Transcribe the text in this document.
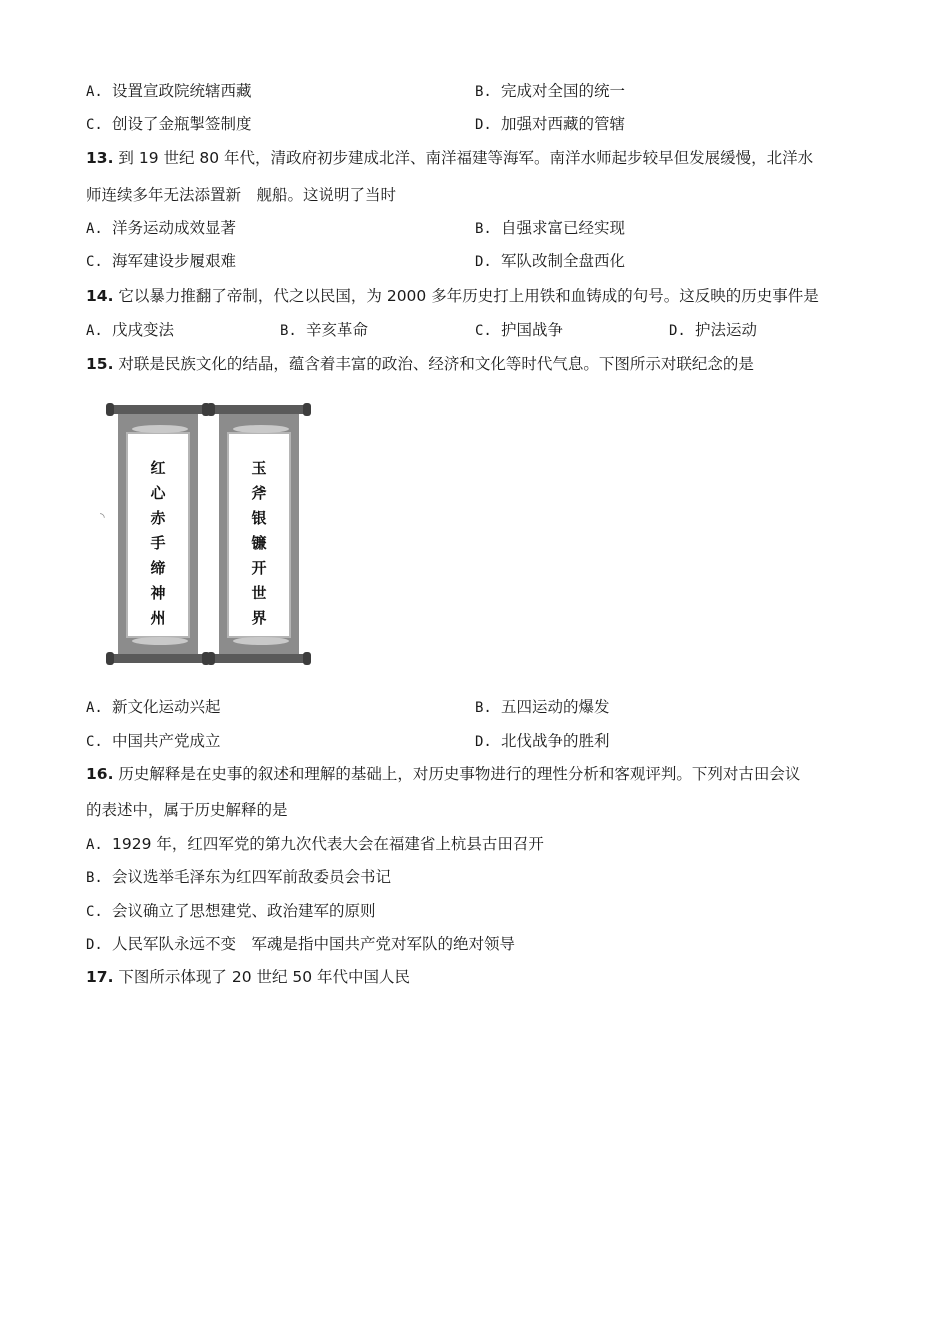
A. 设置宣政院统辖西藏	B. 完成对全国的统一
C. 创设了金瓶掣签制度	D. 加强对西藏的管辖
13. 到 19 世纪 80 年代，清政府初步建成北洋、南洋福建等海军。南洋水师起步较早但发展缓慢，北洋水
师连续多年无法添置新　舰船。这说明了当时
A. 洋务运动成效显著	B. 自强求富已经实现
C. 海军建设步履艰难	D. 军队改制全盘西化
14. 它以暴力推翻了帝制，代之以民国，为 2000 多年历史打上用铁和血铸成的句号。这反映的历史事件是
A. 戊戌变法	B. 辛亥革命	C. 护国战争	D. 护法运动
15. 对联是民族文化的结晶，蕴含着丰富的政治、经济和文化等时代气息。下图所示对联纪念的是
◝
红
心
赤
手
缔
神
州
玉
斧
银
镰
开
世
界
A. 新文化运动兴起	B. 五四运动的爆发
C. 中国共产党成立	D. 北伐战争的胜利
16. 历史解释是在史事的叙述和理解的基础上，对历史事物进行的理性分析和客观评判。下列对古田会议
的表述中，属于历史解释的是
A. 1929 年，红四军党的第九次代表大会在福建省上杭县古田召开
B. 会议选举毛泽东为红四军前敌委员会书记
C. 会议确立了思想建党、政治建军的原则
D. 人民军队永远不变　军魂是指中国共产党对军队的绝对领导
17. 下图所示体现了 20 世纪 50 年代中国人民
